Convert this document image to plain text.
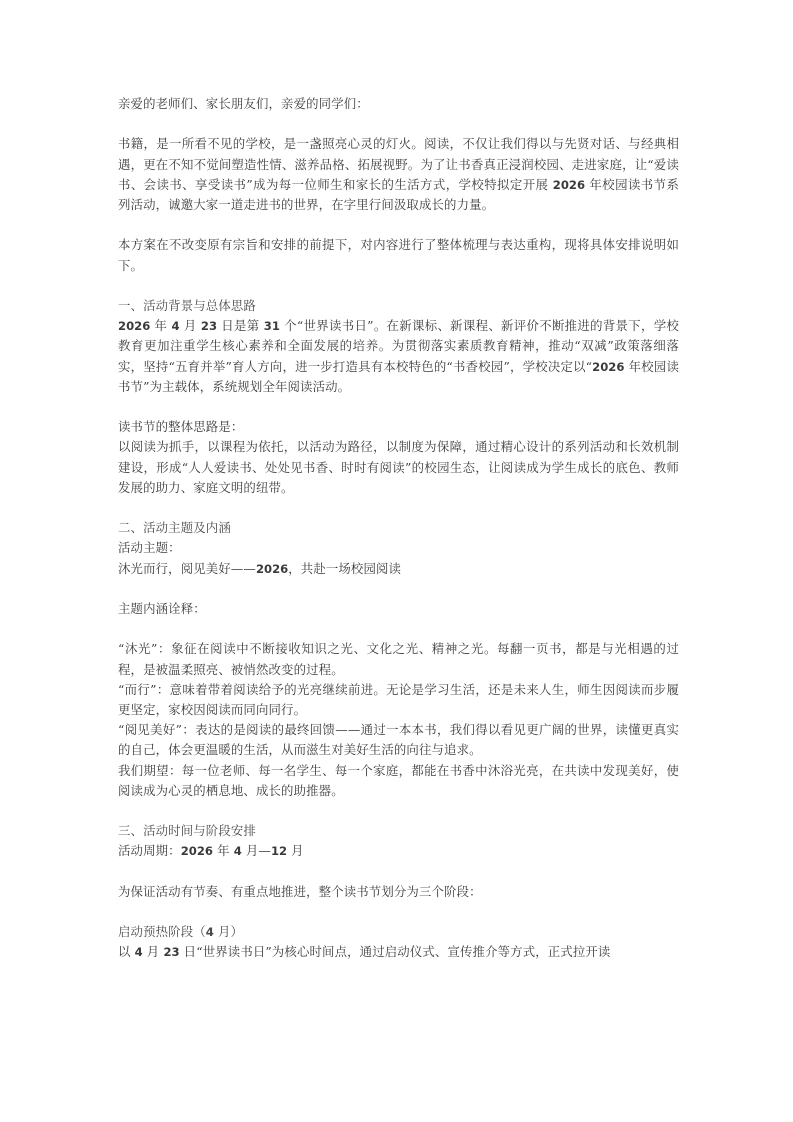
亲爱的老师们、家长朋友们，亲爱的同学们：

书籍，是一所看不见的学校，是一盏照亮心灵的灯火。阅读，不仅让我们得以与先贤对话、与经典相遇，更在不知不觉间塑造性情、滋养品格、拓展视野。为了让书香真正浸润校园、走进家庭，让“爱读书、会读书、享受读书”成为每一位师生和家长的生活方式，学校特拟定开展 2026 年校园读书节系列活动，诚邀大家一道走进书的世界，在字里行间汲取成长的力量。

本方案在不改变原有宗旨和安排的前提下，对内容进行了整体梳理与表达重构，现将具体安排说明如下。

一、活动背景与总体思路

2026 年 4 月 23 日是第 31 个“世界读书日”。在新课标、新课程、新评价不断推进的背景下，学校教育更加注重学生核心素养和全面发展的培养。为贯彻落实素质教育精神，推动“双减”政策落细落实，坚持“五育并举”育人方向，进一步打造具有本校特色的“书香校园”，学校决定以“2026 年校园读书节”为主载体，系统规划全年阅读活动。

读书节的整体思路是：

以阅读为抓手，以课程为依托，以活动为路径，以制度为保障，通过精心设计的系列活动和长效机制建设，形成“人人爱读书、处处见书香、时时有阅读”的校园生态，让阅读成为学生成长的底色、教师发展的助力、家庭文明的纽带。

二、活动主题及内涵

活动主题：

沐光而行，阅见美好——2026，共赴一场校园阅读

主题内涵诠释：

“沐光”：象征在阅读中不断接收知识之光、文化之光、精神之光。每翻一页书，都是与光相遇的过程，是被温柔照亮、被悄然改变的过程。

“而行”：意味着带着阅读给予的光亮继续前进。无论是学习生活，还是未来人生，师生因阅读而步履更坚定，家校因阅读而同向同行。

“阅见美好”：表达的是阅读的最终回馈——通过一本本书，我们得以看见更广阔的世界，读懂更真实的自己，体会更温暖的生活，从而滋生对美好生活的向往与追求。

我们期望：每一位老师、每一名学生、每一个家庭，都能在书香中沐浴光亮，在共读中发现美好，使阅读成为心灵的栖息地、成长的助推器。

三、活动时间与阶段安排

活动周期：2026 年 4 月—12 月

为保证活动有节奏、有重点地推进，整个读书节划分为三个阶段：

启动预热阶段（4 月）

以 4 月 23 日“世界读书日”为核心时间点，通过启动仪式、宣传推介等方式，正式拉开读
